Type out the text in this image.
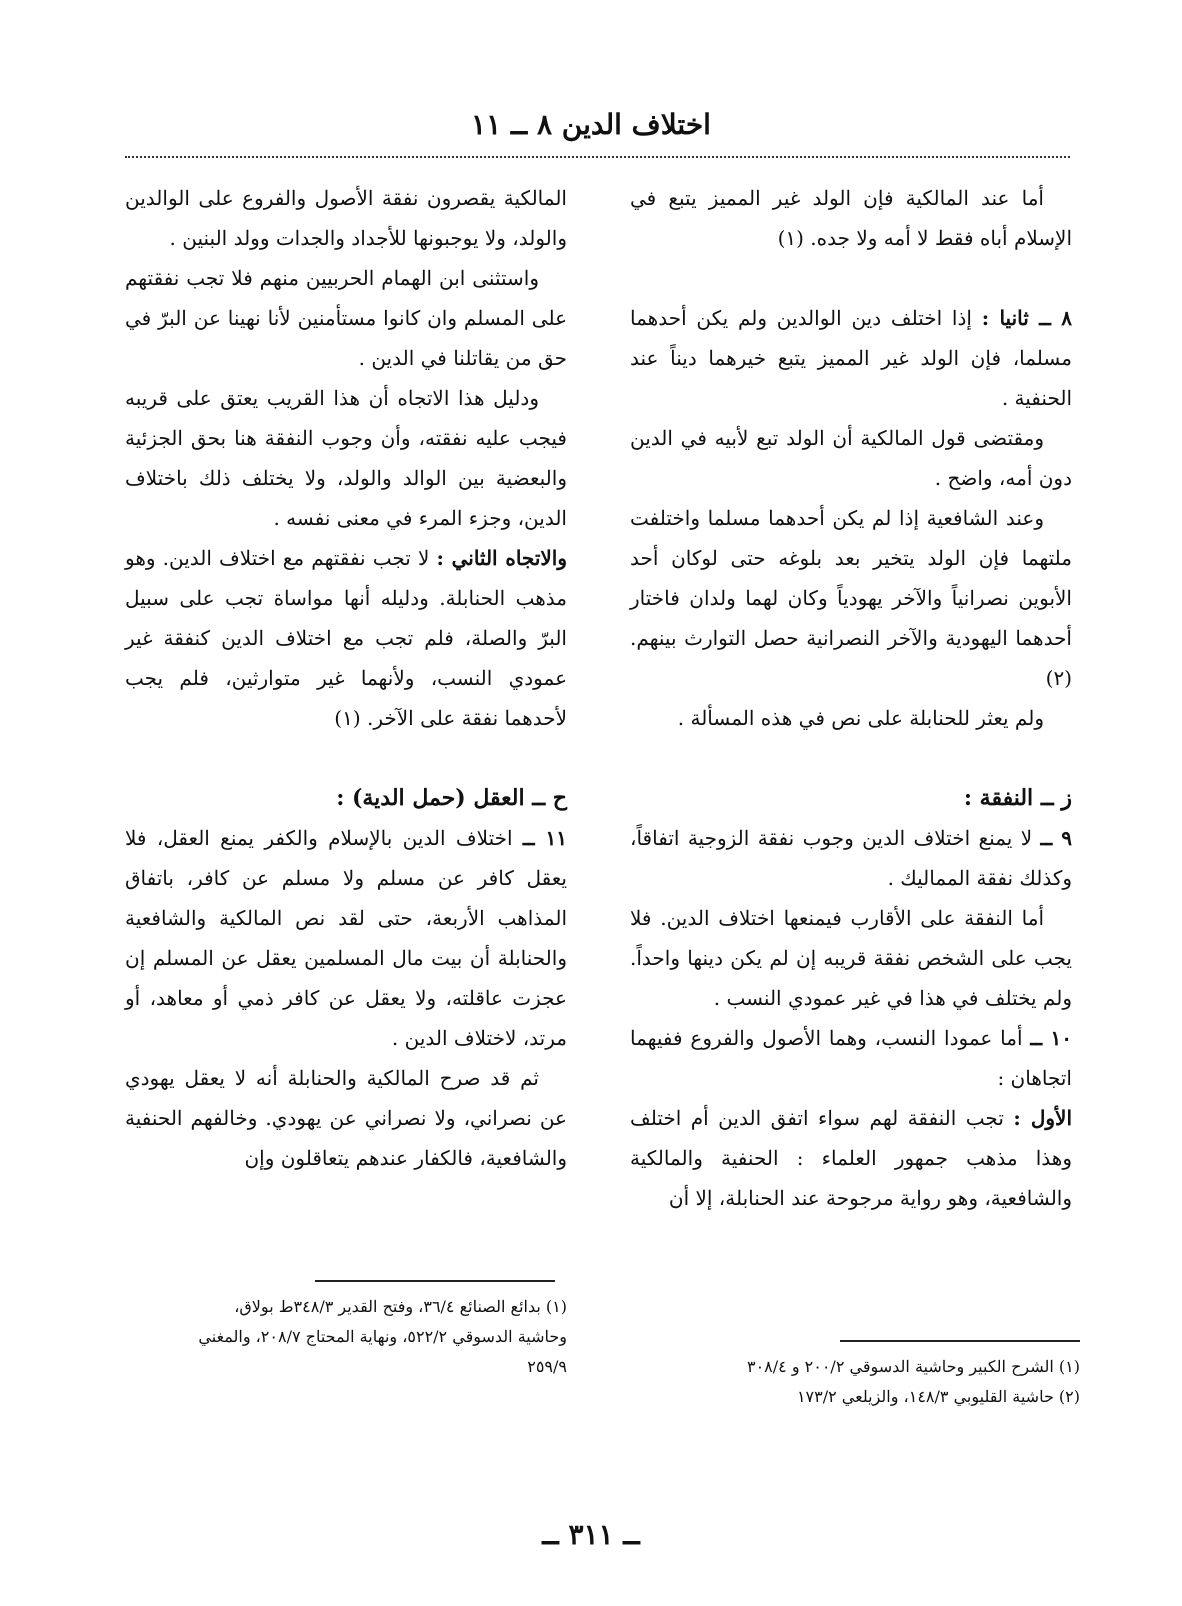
اختلاف الدين ٨ ــ ١١

أما عند المالكية فإن الولد غير المميز يتبع في الإسلام أباه فقط لا أمه ولا جده. (١)

٨ ــ ثانيا : إذا اختلف دين الوالدين ولم يكن أحدهما مسلما، فإن الولد غير المميز يتبع خيرهما ديناً عند الحنفية .

ومقتضى قول المالكية أن الولد تبع لأبيه في الدين دون أمه، واضح .

وعند الشافعية إذا لم يكن أحدهما مسلما واختلفت ملتهما فإن الولد يتخير بعد بلوغه حتى لوكان أحد الأبوين نصرانياً والآخر يهودياً وكان لهما ولدان فاختار أحدهما اليهودية والآخر النصرانية حصل التوارث بينهم. (٢)

ولم يعثر للحنابلة على نص في هذه المسألة .

ز ــ النفقة :

٩ ــ لا يمنع اختلاف الدين وجوب نفقة الزوجية اتفاقاً، وكذلك نفقة المماليك .

أما النفقة على الأقارب فيمنعها اختلاف الدين. فلا يجب على الشخص نفقة قريبه إن لم يكن دينها واحداً. ولم يختلف في هذا في غير عمودي النسب .

١٠ ــ أما عمودا النسب، وهما الأصول والفروع ففيهما اتجاهان :

الأول : تجب النفقة لهم سواء اتفق الدين أم اختلف وهذا مذهب جمهور العلماء : الحنفية والمالكية والشافعية، وهو رواية مرجوحة عند الحنابلة، إلا أن

المالكية يقصرون نفقة الأصول والفروع على الوالدين والولد، ولا يوجبونها للأجداد والجدات وولد البنين .

واستثنى ابن الهمام الحربيين منهم فلا تجب نفقتهم على المسلم وان كانوا مستأمنين لأنا نهينا عن البرّ في حق من يقاتلنا في الدين .

ودليل هذا الاتجاه أن هذا القريب يعتق على قريبه فيجب عليه نفقته، وأن وجوب النفقة هنا بحق الجزئية والبعضية بين الوالد والولد، ولا يختلف ذلك باختلاف الدين، وجزء المرء في معنى نفسه .

والاتجاه الثاني : لا تجب نفقتهم مع اختلاف الدين. وهو مذهب الحنابلة. ودليله أنها مواساة تجب على سبيل البرّ والصلة، فلم تجب مع اختلاف الدين كنفقة غير عمودي النسب، ولأنهما غير متوارثين، فلم يجب لأحدهما نفقة على الآخر. (١)

ح ــ العقل (حمل الدية) :

١١ ــ اختلاف الدين بالإسلام والكفر يمنع العقل، فلا يعقل كافر عن مسلم ولا مسلم عن كافر، باتفاق المذاهب الأربعة، حتى لقد نص المالكية والشافعية والحنابلة أن بيت مال المسلمين يعقل عن المسلم إن عجزت عاقلته، ولا يعقل عن كافر ذمي أو معاهد، أو مرتد، لاختلاف الدين .

ثم قد صرح المالكية والحنابلة أنه لا يعقل يهودي عن نصراني، ولا نصراني عن يهودي. وخالفهم الحنفية والشافعية، فالكفار عندهم يتعاقلون وإن

(١) بدائع الصنائع ٣٦/٤، وفتح القدير ٣٤٨/٣ط بولاق،

وحاشية الدسوقي ٥٢٢/٢، ونهاية المحتاج ٢٠٨/٧، والمغني

٢٥٩/٩	(١) الشرح الكبير وحاشية الدسوقي ٢٠٠/٢ و ٣٠٨/٤

(٢) حاشية القليوبي ١٤٨/٣، والزيلعي ١٧٣/٢

ــ ٣١١ ــ
